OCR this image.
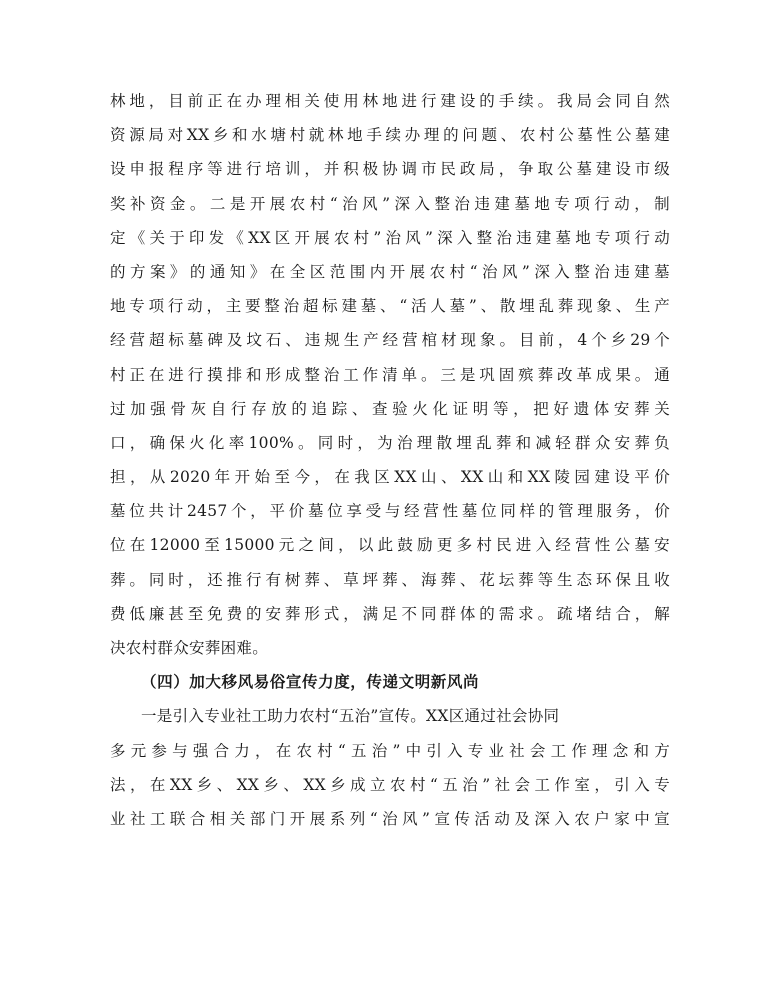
林地，目前正在办理相关使用林地进行建设的手续。我局会同自然
资源局对XX乡和水塘村就林地手续办理的问题、农村公墓性公墓建
设申报程序等进行培训，并积极协调市民政局，争取公墓建设市级
奖补资金。二是开展农村“治风”深入整治违建墓地专项行动，制
定《关于印发《XX区开展农村”治风”深入整治违建墓地专项行动
的方案》的通知》在全区范围内开展农村“治风”深入整治违建墓
地专项行动，主要整治超标建墓、“活人墓”、散埋乱葬现象、生产
经营超标墓碑及坟石、违规生产经营棺材现象。目前，4个乡29个
村正在进行摸排和形成整治工作清单。三是巩固殡葬改革成果。通
过加强骨灰自行存放的追踪、查验火化证明等，把好遗体安葬关
口，确保火化率100%。同时，为治理散埋乱葬和减轻群众安葬负
担，从2020年开始至今，在我区XX山、XX山和XX陵园建设平价
墓位共计2457个，平价墓位享受与经营性墓位同样的管理服务，价
位在12000至15000元之间，以此鼓励更多村民进入经营性公墓安
葬。同时，还推行有树葬、草坪葬、海葬、花坛葬等生态环保且收
费低廉甚至免费的安葬形式，满足不同群体的需求。疏堵结合，解
决农村群众安葬困难。
（四）加大移风易俗宣传力度，传递文明新风尚
一是引入专业社工助力农村“五治”宣传。XX区通过社会协同
多元参与强合力，在农村“五治”中引入专业社会工作理念和方
法，在XX乡、XX乡、XX乡成立农村“五治”社会工作室，引入专
业社工联合相关部门开展系列“治风”宣传活动及深入农户家中宣
